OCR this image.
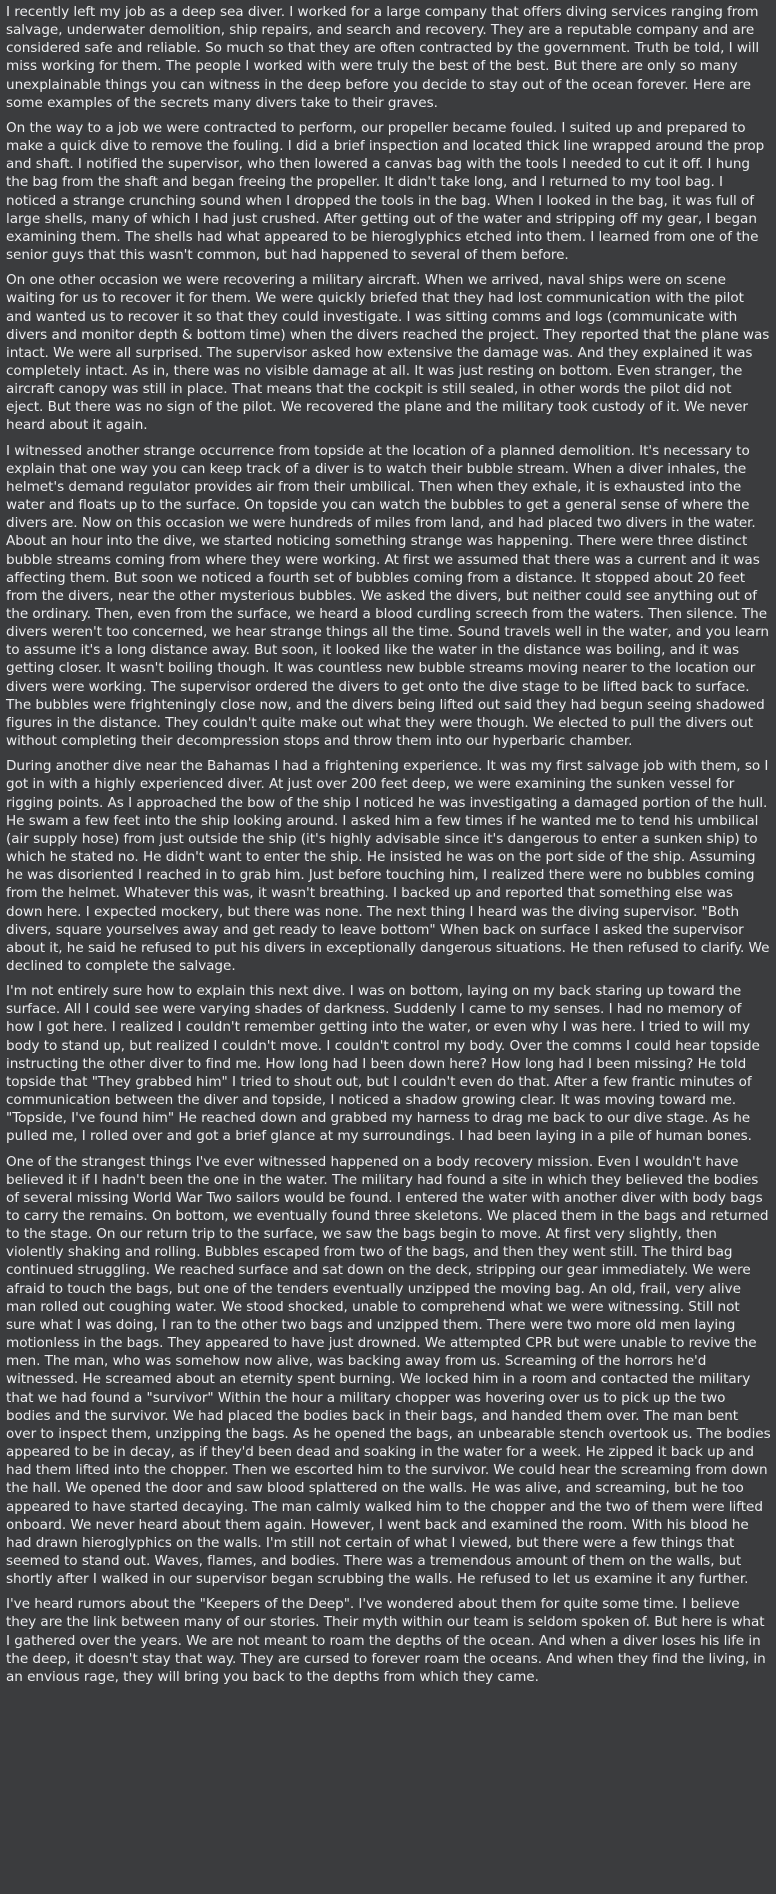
I recently left my job as a deep sea diver. I worked for a large company that offers diving services ranging from salvage, underwater demolition, ship repairs, and search and recovery. They are a reputable company and are considered safe and reliable. So much so that they are often contracted by the government. Truth be told, I will miss working for them. The people I worked with were truly the best of the best. But there are only so many unexplainable things you can witness in the deep before you decide to stay out of the ocean forever. Here are some examples of the secrets many divers take to their graves.

On the way to a job we were contracted to perform, our propeller became fouled. I suited up and prepared to make a quick dive to remove the fouling. I did a brief inspection and located thick line wrapped around the prop and shaft. I notified the supervisor, who then lowered a canvas bag with the tools I needed to cut it off. I hung the bag from the shaft and began freeing the propeller. It didn't take long, and I returned to my tool bag. I noticed a strange crunching sound when I dropped the tools in the bag. When I looked in the bag, it was full of large shells, many of which I had just crushed. After getting out of the water and stripping off my gear, I began examining them. The shells had what appeared to be hieroglyphics etched into them. I learned from one of the senior guys that this wasn't common, but had happened to several of them before.

On one other occasion we were recovering a military aircraft. When we arrived, naval ships were on scene waiting for us to recover it for them. We were quickly briefed that they had lost communication with the pilot and wanted us to recover it so that they could investigate. I was sitting comms and logs (communicate with divers and monitor depth & bottom time) when the divers reached the project. They reported that the plane was intact. We were all surprised. The supervisor asked how extensive the damage was. And they explained it was completely intact. As in, there was no visible damage at all. It was just resting on bottom. Even stranger, the aircraft canopy was still in place. That means that the cockpit is still sealed, in other words the pilot did not eject. But there was no sign of the pilot. We recovered the plane and the military took custody of it. We never heard about it again.

I witnessed another strange occurrence from topside at the location of a planned demolition. It's necessary to explain that one way you can keep track of a diver is to watch their bubble stream. When a diver inhales, the helmet's demand regulator provides air from their umbilical. Then when they exhale, it is exhausted into the water and floats up to the surface. On topside you can watch the bubbles to get a general sense of where the divers are. Now on this occasion we were hundreds of miles from land, and had placed two divers in the water. About an hour into the dive, we started noticing something strange was happening. There were three distinct bubble streams coming from where they were working. At first we assumed that there was a current and it was affecting them. But soon we noticed a fourth set of bubbles coming from a distance. It stopped about 20 feet from the divers, near the other mysterious bubbles. We asked the divers, but neither could see anything out of the ordinary. Then, even from the surface, we heard a blood curdling screech from the waters. Then silence. The divers weren't too concerned, we hear strange things all the time. Sound travels well in the water, and you learn to assume it's a long distance away. But soon, it looked like the water in the distance was boiling, and it was getting closer. It wasn't boiling though. It was countless new bubble streams moving nearer to the location our divers were working. The supervisor ordered the divers to get onto the dive stage to be lifted back to surface. The bubbles were frighteningly close now, and the divers being lifted out said they had begun seeing shadowed figures in the distance. They couldn't quite make out what they were though. We elected to pull the divers out without completing their decompression stops and throw them into our hyperbaric chamber.

During another dive near the Bahamas I had a frightening experience. It was my first salvage job with them, so I got in with a highly experienced diver. At just over 200 feet deep, we were examining the sunken vessel for rigging points. As I approached the bow of the ship I noticed he was investigating a damaged portion of the hull. He swam a few feet into the ship looking around. I asked him a few times if he wanted me to tend his umbilical (air supply hose) from just outside the ship (it's highly advisable since it's dangerous to enter a sunken ship) to which he stated no. He didn't want to enter the ship. He insisted he was on the port side of the ship. Assuming he was disoriented I reached in to grab him. Just before touching him, I realized there were no bubbles coming from the helmet. Whatever this was, it wasn't breathing. I backed up and reported that something else was down here. I expected mockery, but there was none. The next thing I heard was the diving supervisor. "Both divers, square yourselves away and get ready to leave bottom" When back on surface I asked the supervisor about it, he said he refused to put his divers in exceptionally dangerous situations. He then refused to clarify. We declined to complete the salvage.

I'm not entirely sure how to explain this next dive. I was on bottom, laying on my back staring up toward the surface. All I could see were varying shades of darkness. Suddenly I came to my senses. I had no memory of how I got here. I realized I couldn't remember getting into the water, or even why I was here. I tried to will my body to stand up, but realized I couldn't move. I couldn't control my body. Over the comms I could hear topside instructing the other diver to find me. How long had I been down here? How long had I been missing? He told topside that "They grabbed him" I tried to shout out, but I couldn't even do that. After a few frantic minutes of communication between the diver and topside, I noticed a shadow growing clear. It was moving toward me. "Topside, I've found him" He reached down and grabbed my harness to drag me back to our dive stage. As he pulled me, I rolled over and got a brief glance at my surroundings. I had been laying in a pile of human bones.

One of the strangest things I've ever witnessed happened on a body recovery mission. Even I wouldn't have believed it if I hadn't been the one in the water. The military had found a site in which they believed the bodies of several missing World War Two sailors would be found. I entered the water with another diver with body bags to carry the remains. On bottom, we eventually found three skeletons. We placed them in the bags and returned to the stage. On our return trip to the surface, we saw the bags begin to move. At first very slightly, then violently shaking and rolling. Bubbles escaped from two of the bags, and then they went still. The third bag continued struggling. We reached surface and sat down on the deck, stripping our gear immediately. We were afraid to touch the bags, but one of the tenders eventually unzipped the moving bag. An old, frail, very alive man rolled out coughing water. We stood shocked, unable to comprehend what we were witnessing. Still not sure what I was doing, I ran to the other two bags and unzipped them. There were two more old men laying motionless in the bags. They appeared to have just drowned. We attempted CPR but were unable to revive the men. The man, who was somehow now alive, was backing away from us. Screaming of the horrors he'd witnessed. He screamed about an eternity spent burning. We locked him in a room and contacted the military that we had found a "survivor" Within the hour a military chopper was hovering over us to pick up the two bodies and the survivor. We had placed the bodies back in their bags, and handed them over. The man bent over to inspect them, unzipping the bags. As he opened the bags, an unbearable stench overtook us. The bodies appeared to be in decay, as if they'd been dead and soaking in the water for a week. He zipped it back up and had them lifted into the chopper. Then we escorted him to the survivor. We could hear the screaming from down the hall. We opened the door and saw blood splattered on the walls. He was alive, and screaming, but he too appeared to have started decaying. The man calmly walked him to the chopper and the two of them were lifted onboard. We never heard about them again. However, I went back and examined the room. With his blood he had drawn hieroglyphics on the walls. I'm still not certain of what I viewed, but there were a few things that seemed to stand out. Waves, flames, and bodies. There was a tremendous amount of them on the walls, but shortly after I walked in our supervisor began scrubbing the walls. He refused to let us examine it any further.

I've heard rumors about the "Keepers of the Deep". I've wondered about them for quite some time. I believe they are the link between many of our stories. Their myth within our team is seldom spoken of. But here is what I gathered over the years. We are not meant to roam the depths of the ocean. And when a diver loses his life in the deep, it doesn't stay that way. They are cursed to forever roam the oceans. And when they find the living, in an envious rage, they will bring you back to the depths from which they came.
